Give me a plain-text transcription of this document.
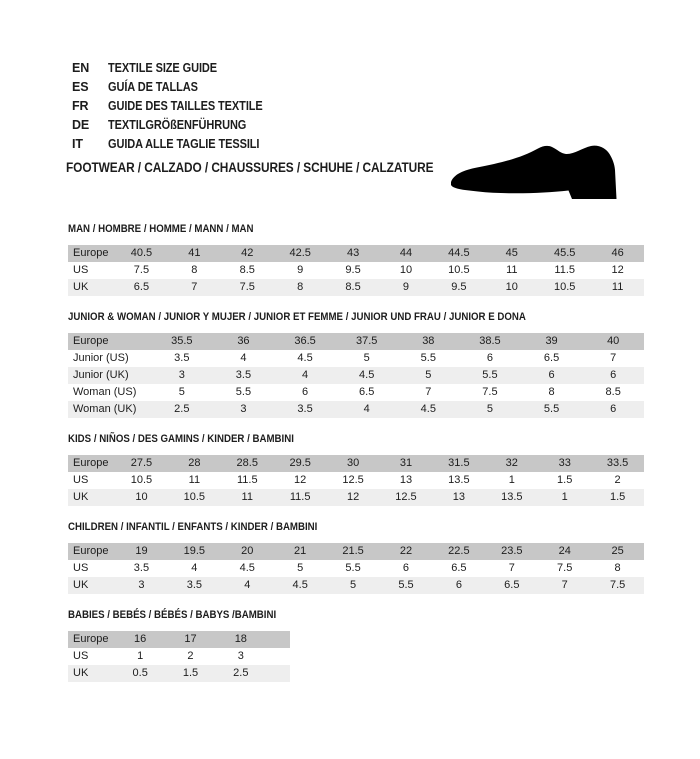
EN TEXTILE SIZE GUIDE
ES GUÍA DE TALLAS
FR GUIDE DES TAILLES TEXTILE
DE TEXTILGRÖßENFÜHRUNG
IT GUIDA ALLE TAGLIE TESSILI
FOOTWEAR / CALZADO / CHAUSSURES / SCHUHE / CALZATURE
MAN / HOMBRE / HOMME / MANN / MAN
Europe	40.5	41	42	42.5	43	44	44.5	45	45.5	46
US	7.5	8	8.5	9	9.5	10	10.5	11	11.5	12
UK	6.5	7	7.5	8	8.5	9	9.5	10	10.5	11
JUNIOR & WOMAN / JUNIOR Y MUJER / JUNIOR ET FEMME / JUNIOR UND FRAU / JUNIOR E DONA
Europe	35.5	36	36.5	37.5	38	38.5	39	40
Junior (US)	3.5	4	4.5	5	5.5	6	6.5	7
Junior (UK)	3	3.5	4	4.5	5	5.5	6	6
Woman (US)	5	5.5	6	6.5	7	7.5	8	8.5
Woman (UK)	2.5	3	3.5	4	4.5	5	5.5	6
KIDS / NIÑOS / DES GAMINS / KINDER / BAMBINI
Europe	27.5	28	28.5	29.5	30	31	31.5	32	33	33.5
US	10.5	11	11.5	12	12.5	13	13.5	1	1.5	2
UK	10	10.5	11	11.5	12	12.5	13	13.5	1	1.5
CHILDREN / INFANTIL / ENFANTS / KINDER / BAMBINI
Europe	19	19.5	20	21	21.5	22	22.5	23.5	24	25
US	3.5	4	4.5	5	5.5	6	6.5	7	7.5	8
UK	3	3.5	4	4.5	5	5.5	6	6.5	7	7.5
BABIES / BEBÉS / BÉBÉS / BABYS /BAMBINI
Europe	16	17	18
US	1	2	3
UK	0.5	1.5	2.5
